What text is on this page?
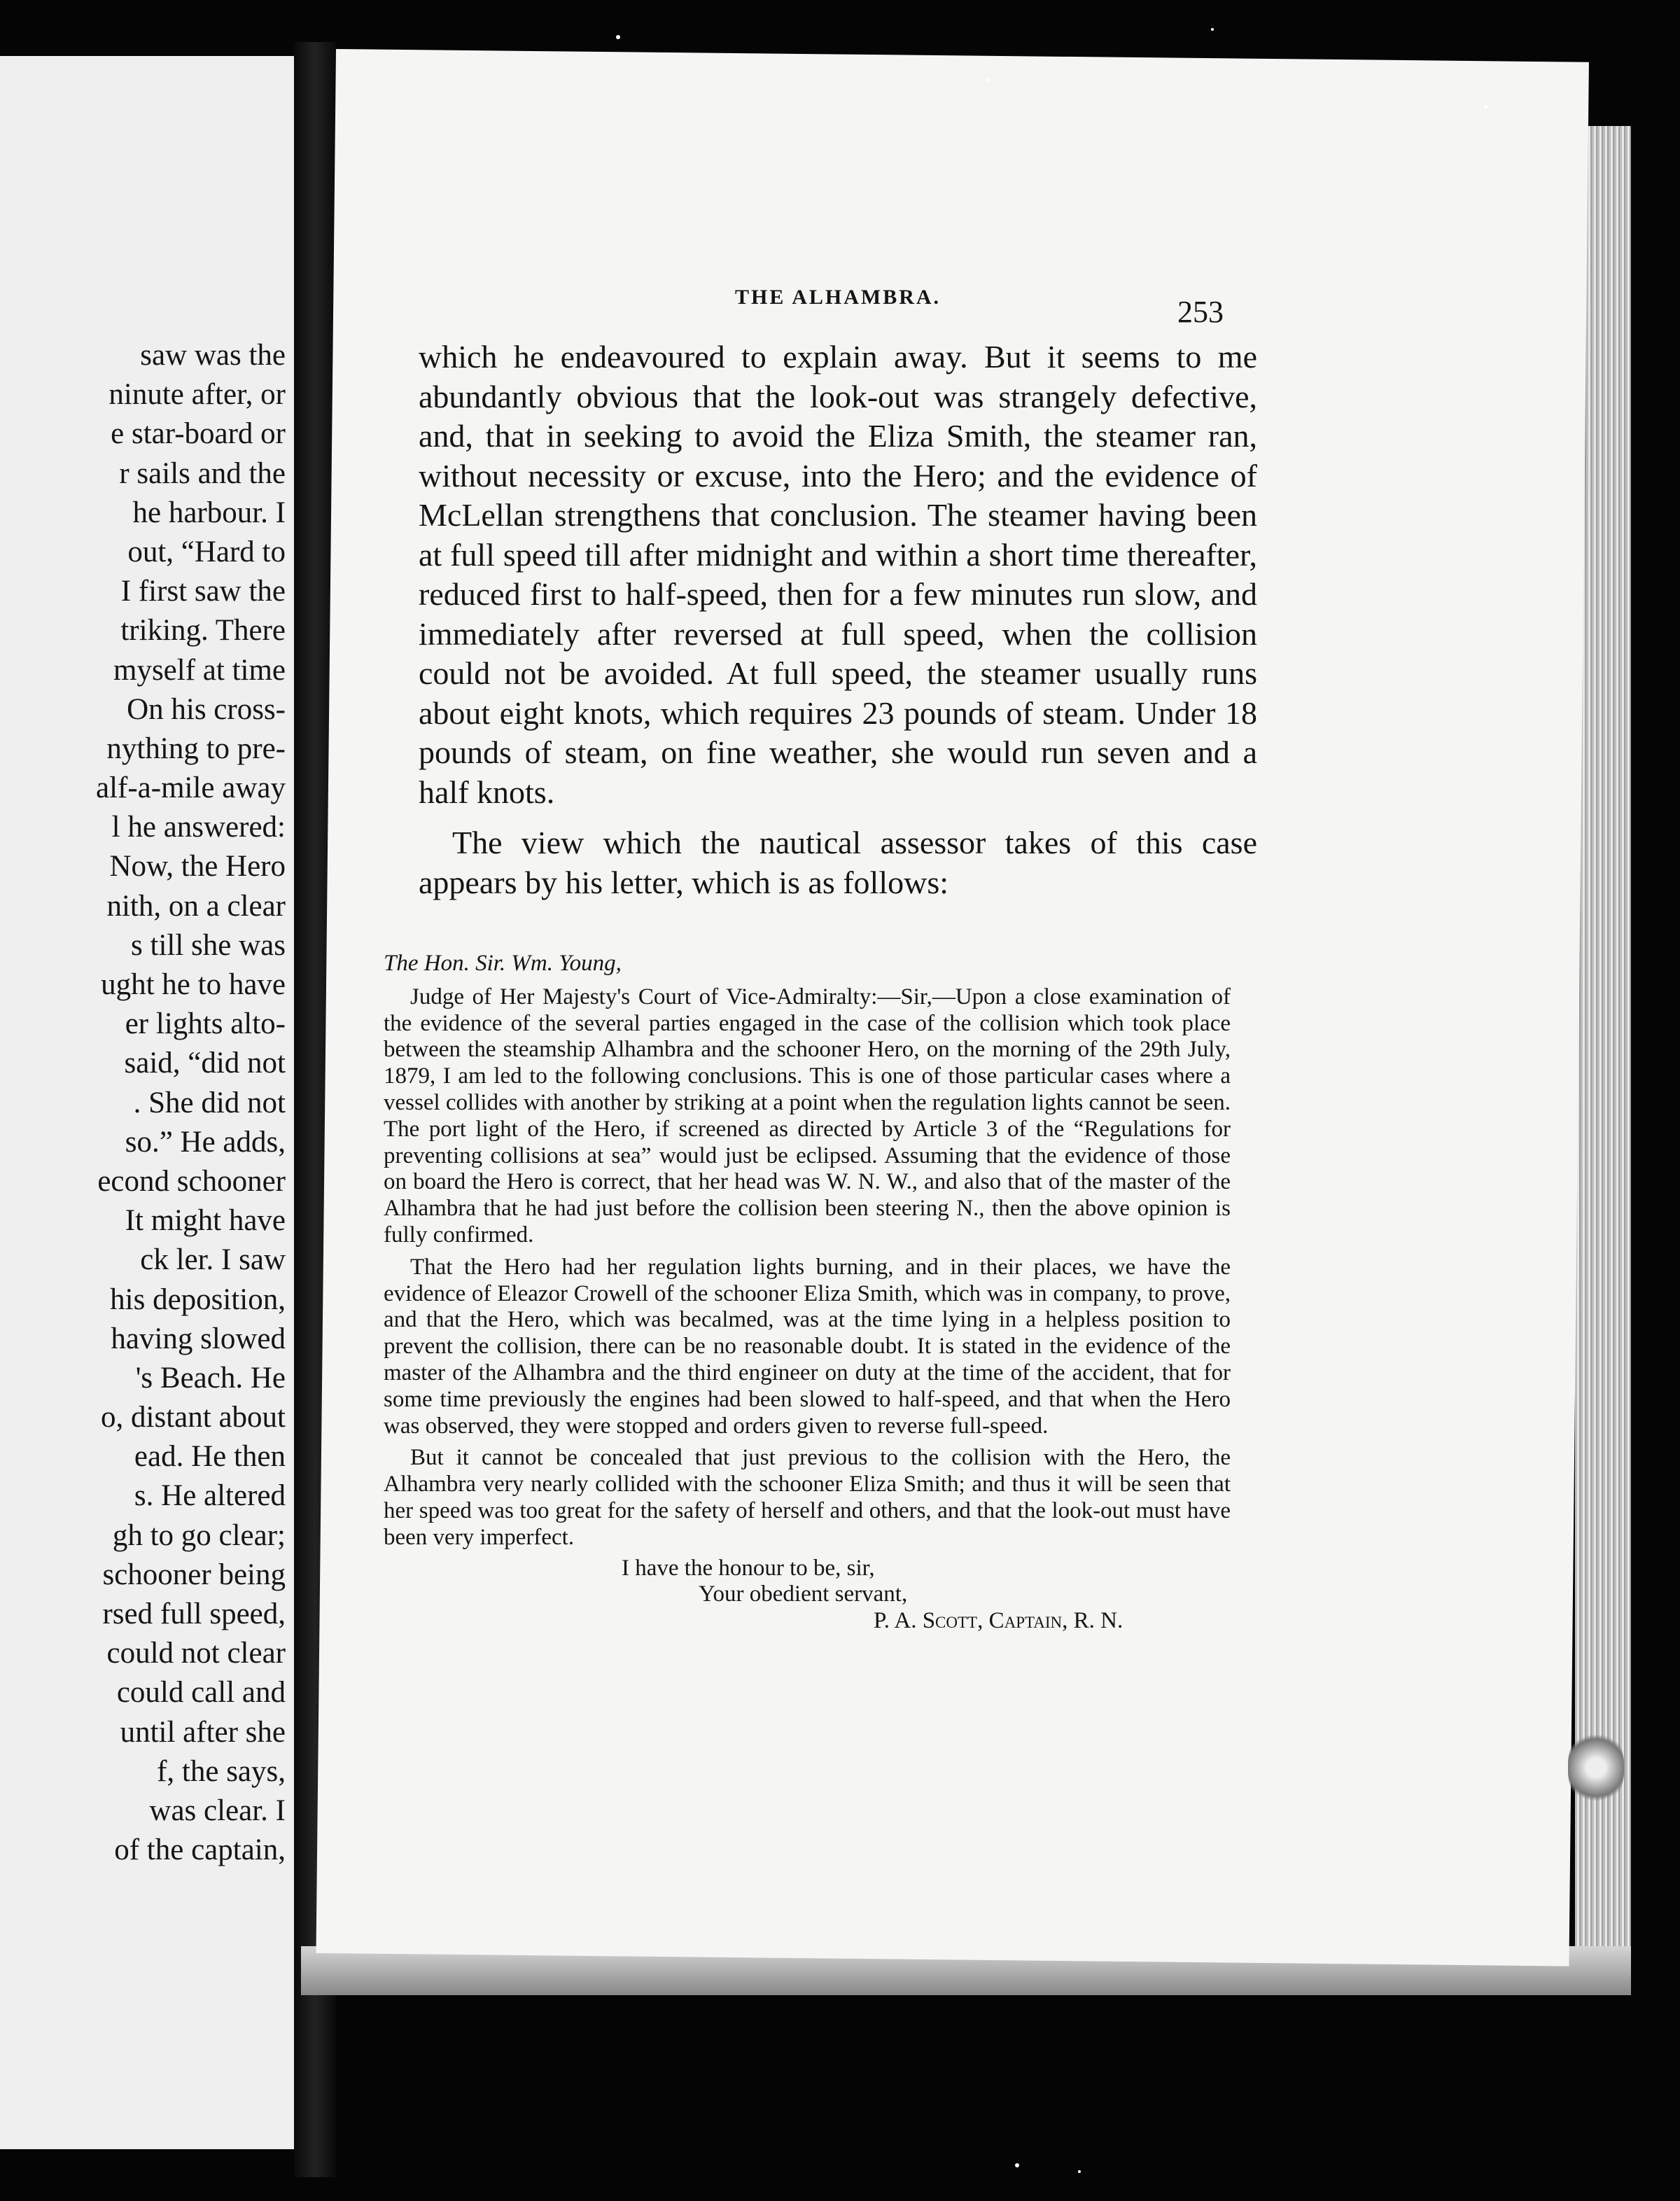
saw was the
ninute after, or
e star-board or
r sails and the
he harbour. I
out, “Hard to
I first saw the
triking. There
myself at time
On his cross-
nything to pre-
alf-a-mile away
l he answered:
Now, the Hero
nith, on a clear
s till she was
ught he to have
er lights alto-
said, “did not
. She did not
so.” He adds,
econd schooner
It might have
ck ler. I saw
his deposition,
having slowed
's Beach. He
o, distant about
ead. He then
s. He altered
gh to go clear;
schooner being
rsed full speed,
could not clear
could call and
until after she
f, the says,
was clear. I
of the captain,
THE ALHAMBRA.	253

which he endeavoured to explain away. But it seems to me abundantly obvious that the look-out was strangely defective, and, that in seeking to avoid the Eliza Smith, the steamer ran, without necessity or excuse, into the Hero; and the evidence of McLellan strengthens that conclusion. The steamer having been at full speed till after midnight and within a short time thereafter, reduced first to half-speed, then for a few minutes run slow, and immediately after reversed at full speed, when the collision could not be avoided. At full speed, the steamer usually runs about eight knots, which requires 23 pounds of steam. Under 18 pounds of steam, on fine weather, she would run seven and a half knots.

The view which the nautical assessor takes of this case appears by his letter, which is as follows:

The Hon. Sir. Wm. Young,

Judge of Her Majesty's Court of Vice-Admiralty:—Sir,—Upon a close examination of the evidence of the several parties engaged in the case of the collision which took place between the steamship Alhambra and the schooner Hero, on the morning of the 29th July, 1879, I am led to the following conclusions. This is one of those particular cases where a vessel collides with another by striking at a point when the regulation lights cannot be seen. The port light of the Hero, if screened as directed by Article 3 of the “Regulations for preventing collisions at sea” would just be eclipsed. Assuming that the evidence of those on board the Hero is correct, that her head was W. N. W., and also that of the master of the Alhambra that he had just before the collision been steering N., then the above opinion is fully confirmed.

That the Hero had her regulation lights burning, and in their places, we have the evidence of Eleazor Crowell of the schooner Eliza Smith, which was in company, to prove, and that the Hero, which was becalmed, was at the time lying in a helpless position to prevent the collision, there can be no reasonable doubt. It is stated in the evidence of the master of the Alhambra and the third engineer on duty at the time of the accident, that for some time previously the engines had been slowed to half-speed, and that when the Hero was observed, they were stopped and orders given to reverse full-speed.

But it cannot be concealed that just previous to the collision with the Hero, the Alhambra very nearly collided with the schooner Eliza Smith; and thus it will be seen that her speed was too great for the safety of herself and others, and that the look-out must have been very imperfect.

I have the honour to be, sir,
Your obedient servant,
P. A. Scott, Captain, R. N.
